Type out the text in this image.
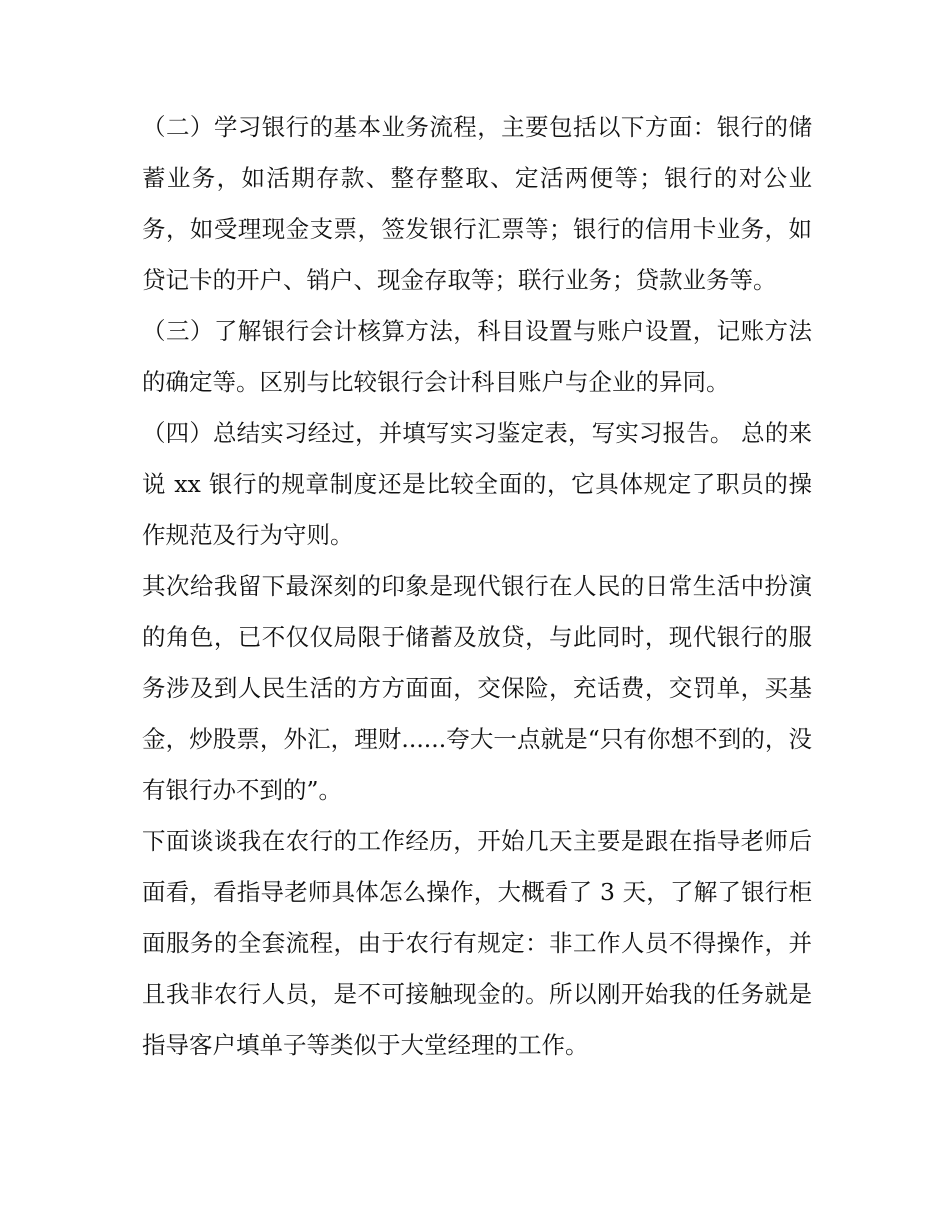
（二）学习银行的基本业务流程，主要包括以下方面：银行的储蓄业务，如活期存款、整存整取、定活两便等；银行的对公业务，如受理现金支票，签发银行汇票等；银行的信用卡业务，如贷记卡的开户、销户、现金存取等；联行业务；贷款业务等。

（三）了解银行会计核算方法，科目设置与账户设置，记账方法的确定等。区别与比较银行会计科目账户与企业的异同。

（四）总结实习经过，并填写实习鉴定表，写实习报告。 总的来说 xx 银行的规章制度还是比较全面的，它具体规定了职员的操作规范及行为守则。

其次给我留下最深刻的印象是现代银行在人民的日常生活中扮演的角色，已不仅仅局限于储蓄及放贷，与此同时，现代银行的服务涉及到人民生活的方方面面，交保险，充话费，交罚单，买基金，炒股票，外汇，理财......夸大一点就是“只有你想不到的，没有银行办不到的”。

下面谈谈我在农行的工作经历，开始几天主要是跟在指导老师后面看，看指导老师具体怎么操作，大概看了 3 天，了解了银行柜面服务的全套流程，由于农行有规定：非工作人员不得操作，并且我非农行人员，是不可接触现金的。所以刚开始我的任务就是指导客户填单子等类似于大堂经理的工作。
